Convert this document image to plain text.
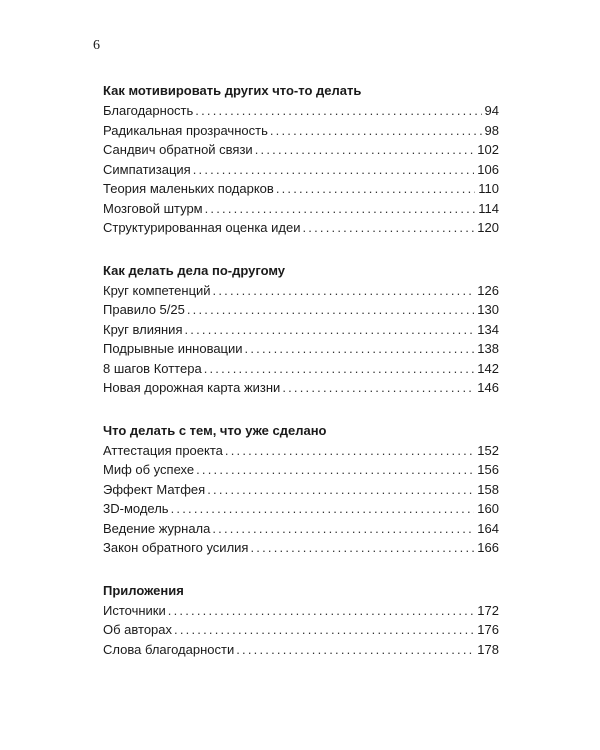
6
Как мотивировать других что-то делать
Благодарность .....	94
Радикальная прозрачность .....	98
Сандвич обратной связи .....	102
Симпатизация .....	106
Теория маленьких подарков .....	110
Мозговой штурм .....	114
Структурированная оценка идеи .....	120
Как делать дела по-другому
Круг компетенций .....	126
Правило 5/25 .....	130
Круг влияния .....	134
Подрывные инновации .....	138
8 шагов Коттера .....	142
Новая дорожная карта жизни .....	146
Что делать с тем, что уже сделано
Аттестация проекта .....	152
Миф об успехе .....	156
Эффект Матфея .....	158
3D-модель .....	160
Ведение журнала .....	164
Закон обратного усилия .....	166
Приложения
Источники .....	172
Об авторах .....	176
Слова благодарности .....	178
